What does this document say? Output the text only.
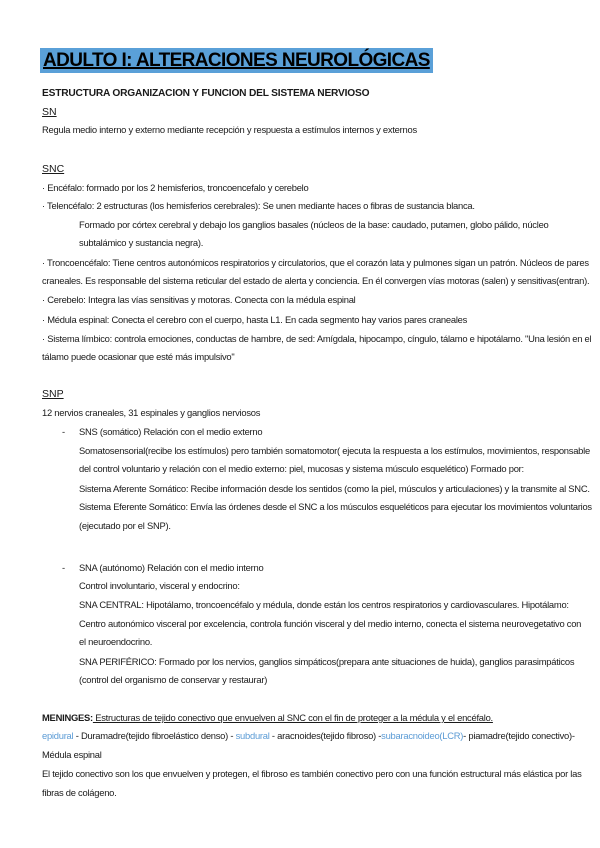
ADULTO I: ALTERACIONES NEUROLÓGICAS
ESTRUCTURA ORGANIZACION Y FUNCION DEL SISTEMA NERVIOSO
SN
Regula medio interno y externo mediante recepción y respuesta a estímulos internos y externos
SNC
· Encéfalo: formado por los 2 hemisferios, troncoencefalo y cerebelo
· Telencéfalo: 2 estructuras (los hemisferios cerebrales): Se unen mediante haces o fibras de sustancia blanca.
Formado por córtex cerebral y debajo los ganglios basales (núcleos de la base: caudado, putamen, globo pálido, núcleo
subtalámico y sustancia negra).
· Troncoencéfalo: Tiene centros autonómicos respiratorios y circulatorios, que el corazón lata y pulmones sigan un patrón. Núcleos de pares
craneales. Es responsable del sistema reticular del estado de alerta y conciencia. En él convergen vías motoras (salen) y sensitivas(entran).
· Cerebelo: Integra las vías sensitivas y motoras. Conecta con la médula espinal
· Médula espinal: Conecta el cerebro con el cuerpo, hasta L1. En cada segmento hay varios pares craneales
· Sistema límbico: controla emociones, conductas de hambre, de sed: Amígdala, hipocampo, cíngulo, tálamo e hipotálamo. "Una lesión en el
tálamo puede ocasionar que esté más impulsivo"
SNP
12 nervios craneales, 31 espinales y ganglios nerviosos
- SNS (somático) Relación con el medio externo
Somatosensorial(recibe los estímulos) pero también somatomotor( ejecuta la respuesta a los estímulos, movimientos, responsable
del control voluntario y relación con el medio externo: piel, mucosas y sistema músculo esquelético) Formado por:
Sistema Aferente Somático: Recibe información desde los sentidos (como la piel, músculos y articulaciones) y la transmite al SNC.
Sistema Eferente Somático: Envía las órdenes desde el SNC a los músculos esqueléticos para ejecutar los movimientos voluntarios
(ejecutado por el SNP).
- SNA (autónomo) Relación con el medio interno
Control involuntario, visceral y endocrino:
SNA CENTRAL: Hipotálamo, troncoencéfalo y médula, donde están los centros respiratorios y cardiovasculares. Hipotálamo:
Centro autonómico visceral por excelencia, controla función visceral y del medio interno, conecta el sistema neurovegetativo con
el neuroendocrino.
SNA PERIFÉRICO: Formado por los nervios, ganglios simpáticos(prepara ante situaciones de huida), ganglios parasimpáticos
(control del organismo de conservar y restaurar)
MENINGES: Estructuras de tejido conectivo que envuelven al SNC con el fin de proteger a la médula y el encéfalo.
epidural - Duramadre(tejido fibroelástico denso) - subdural - aracnoides(tejido fibroso) -subaracnoideo(LCR)- piamadre(tejido conectivo)-
Médula espinal
El tejido conectivo son los que envuelven y protegen, el fibroso es también conectivo pero con una función estructural más elástica por las
fibras de colágeno.
